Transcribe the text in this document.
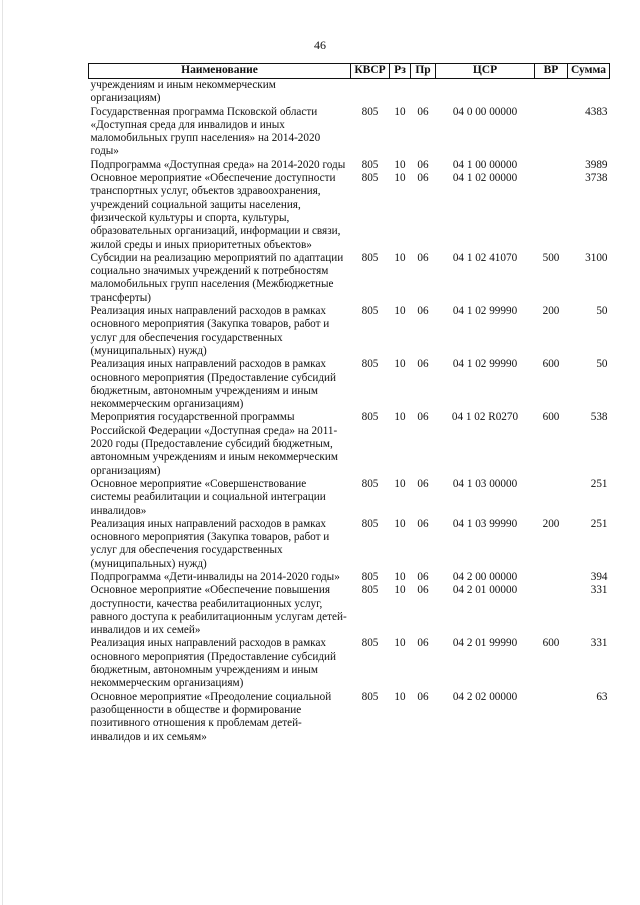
46
Наименование	КВСР	Рз	Пр	ЦСР	ВР	Сумма
учреждениям и иным некоммерческим организациям)						
Государственная программа Псковской области «Доступная среда для инвалидов и иных маломобильных групп населения» на 2014-2020 годы»	805	10	06	04 0 00 00000		4383
Подпрограмма «Доступная среда» на 2014-2020 годы	805	10	06	04 1 00 00000		3989
Основное мероприятие «Обеспечение доступности транспортных услуг, объектов здравоохранения, учреждений социальной защиты населения, физической культуры и спорта, культуры, образовательных организаций, информации и связи, жилой среды и иных приоритетных объектов»	805	10	06	04 1 02 00000		3738
Субсидии на реализацию мероприятий по адаптации социально значимых учреждений к потребностям маломобильных групп населения (Межбюджетные трансферты)	805	10	06	04 1 02 41070	500	3100
Реализация иных направлений расходов в рамках основного мероприятия (Закупка товаров, работ и услуг для обеспечения государственных (муниципальных) нужд)	805	10	06	04 1 02 99990	200	50
Реализация иных направлений расходов в рамках основного мероприятия (Предоставление субсидий бюджетным, автономным учреждениям и иным некоммерческим организациям)	805	10	06	04 1 02 99990	600	50
Мероприятия государственной программы Российской Федерации «Доступная среда» на 2011-2020 годы (Предоставление субсидий бюджетным, автономным учреждениям и иным некоммерческим организациям)	805	10	06	04 1 02 R0270	600	538
Основное мероприятие «Совершенствование системы реабилитации и социальной интеграции инвалидов»	805	10	06	04 1 03 00000		251
Реализация иных направлений расходов в рамках основного мероприятия (Закупка товаров, работ и услуг для обеспечения государственных (муниципальных) нужд)	805	10	06	04 1 03 99990	200	251
Подпрограмма «Дети-инвалиды на 2014-2020 годы»	805	10	06	04 2 00 00000		394
Основное мероприятие «Обеспечение повышения доступности, качества реабилитационных услуг, равного доступа к реабилитационным услугам детей-инвалидов и их семей»	805	10	06	04 2 01 00000		331
Реализация иных направлений расходов в рамках основного мероприятия (Предоставление субсидий бюджетным, автономным учреждениям и иным некоммерческим организациям)	805	10	06	04 2 01 99990	600	331
Основное мероприятие «Преодоление социальной разобщенности в обществе и формирование позитивного отношения к проблемам детей-инвалидов и их семьям»	805	10	06	04 2 02 00000		63
